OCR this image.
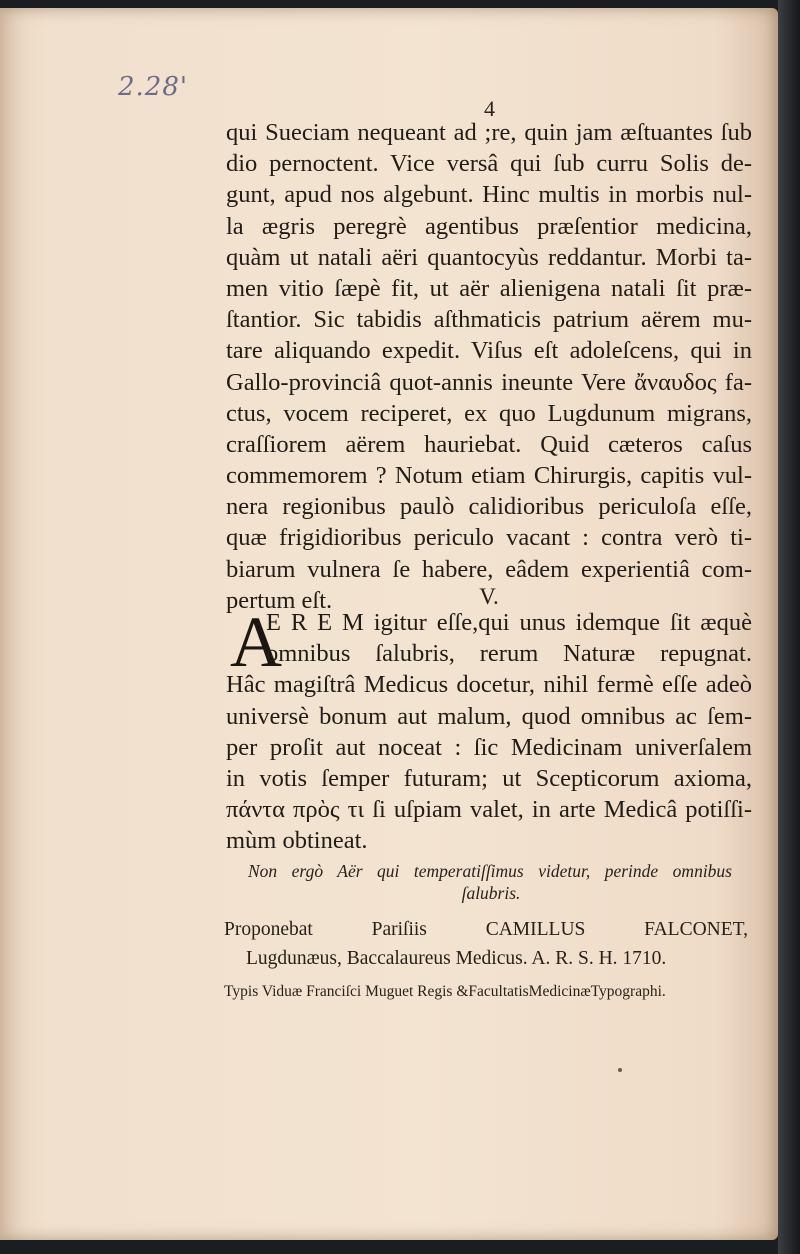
2.28'
4
qui Sueciam nequeant ad ;re, quin jam æſtuantes ſub
dio pernoctent. Vice versâ qui ſub curru Solis de-
gunt, apud nos algebunt. Hinc multis in morbis nul-
la ægris peregrè agentibus præſentior medicina,
quàm ut natali aëri quantocyùs reddantur. Morbi ta-
men vitio ſæpè fit, ut aër alienigena natali ſit præ-
ſtantior. Sic tabidis aſthmaticis patrium aërem mu-
tare aliquando expedit. Viſus eſt adoleſcens, qui in
Gallo-provinciâ quot-annis ineunte Vere ἄναυδος fa-
ctus, vocem reciperet, ex quo Lugdunum migrans,
craſſiorem aërem hauriebat. Quid cæteros caſus
commemorem ? Notum etiam Chirurgis, capitis vul-
nera regionibus paulò calidioribus periculoſa eſſe,
quæ frigidioribus periculo vacant : contra verò ti-
biarum vulnera ſe habere, eâdem experientiâ com-
pertum eſt.	V.
A
E R E M igitur eſſe,qui unus idemque ſit æquè
omnibus ſalubris, rerum Naturæ repugnat.
Hâc magiſtrâ Medicus docetur, nihil fermè eſſe adeò
universè bonum aut malum, quod omnibus ac ſem-
per proſit aut noceat : ſic Medicinam univerſalem
in votis ſemper futuram; ut Scepticorum axioma,
πάντα πρὸς τι ſi uſpiam valet, in arte Medicâ potiſſi-
mùm obtineat.
Non ergò Aër qui temperatiſſimus videtur, perinde omnibus
ſalubris.
Proponebat Pariſiis CAMILLUS FALCONET,
Lugdunæus, Baccalaureus Medicus. A. R. S. H. 1710.
Typis Viduæ Franciſci Muguet Regis &FacultatisMedicinæTypographi.
